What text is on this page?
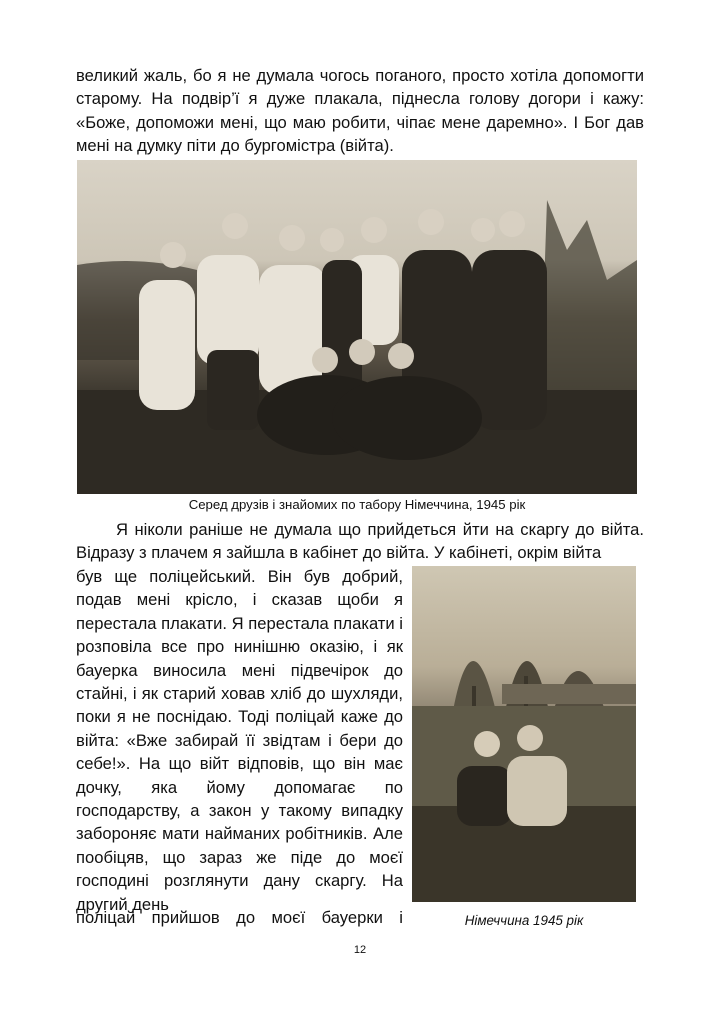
великий жаль, бо я не думала чогось поганого, просто хотіла допомогти старому. На подвір’ї я дуже плакала, піднесла голову догори і кажу: «Боже, допоможи мені, що маю робити, чіпає мене даремно». І Бог дав мені на думку піти до бургомістра (війта).

Серед друзів і знайомих по табору Німеччина, 1945 рік

Я ніколи раніше не думала що прийдеться йти на скаргу до війта. Відразу з плачем я зайшла в кабінет до війта. У кабінеті, окрім війта

був ще поліцейський. Він був добрий, подав мені крісло, і сказав щоби я перестала плакати. Я перестала плакати і розповіла все про нинішню оказію, і як бауерка виносила мені підвечірок до стайні, і як старий ховав хліб до шухляди, поки я не поснідаю. Тоді поліцай каже до війта: «Вже забирай її звідтам і бери до себе!». На що війт відповів, що він має дочку, яка йому допомагає по господарству, а закон у такому випадку забороняє мати найманих робітників. Але пообіцяв, що зараз же піде до моєї господині розглянути дану скаргу. На другий день

Німеччина 1945 рік

поліцай прийшов до моєї бауерки і

12
